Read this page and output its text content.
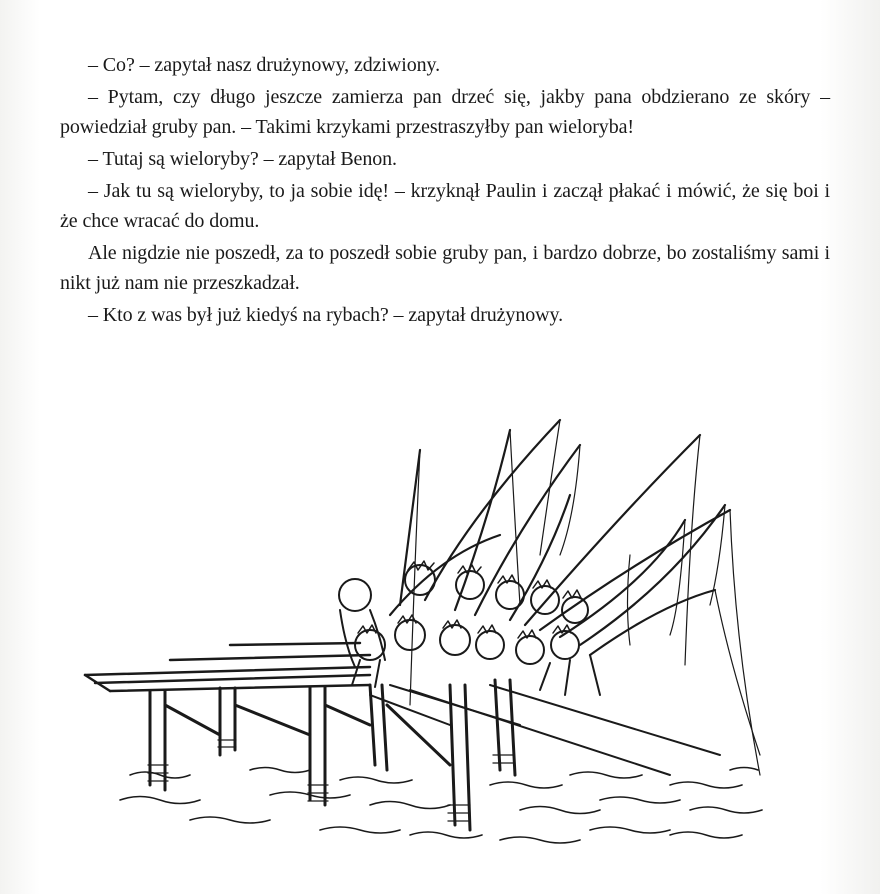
– Co? – zapytał nasz drużynowy, zdziwiony.

– Pytam, czy długo jeszcze zamierza pan drzeć się, jakby pana obdzierano ze skóry – powiedział gruby pan. – Takimi krzykami przestraszyłby pan wieloryba!

– Tutaj są wieloryby? – zapytał Benon.

– Jak tu są wieloryby, to ja sobie idę! – krzyknął Paulin i zaczął płakać i mówić, że się boi i że chce wracać do domu.

Ale nigdzie nie poszedł, za to poszedł sobie gruby pan, i bardzo dobrze, bo zostaliśmy sami i nikt już nam nie przeszkadzał.

– Kto z was był już kiedyś na rybach? – zapytał drużynowy.
